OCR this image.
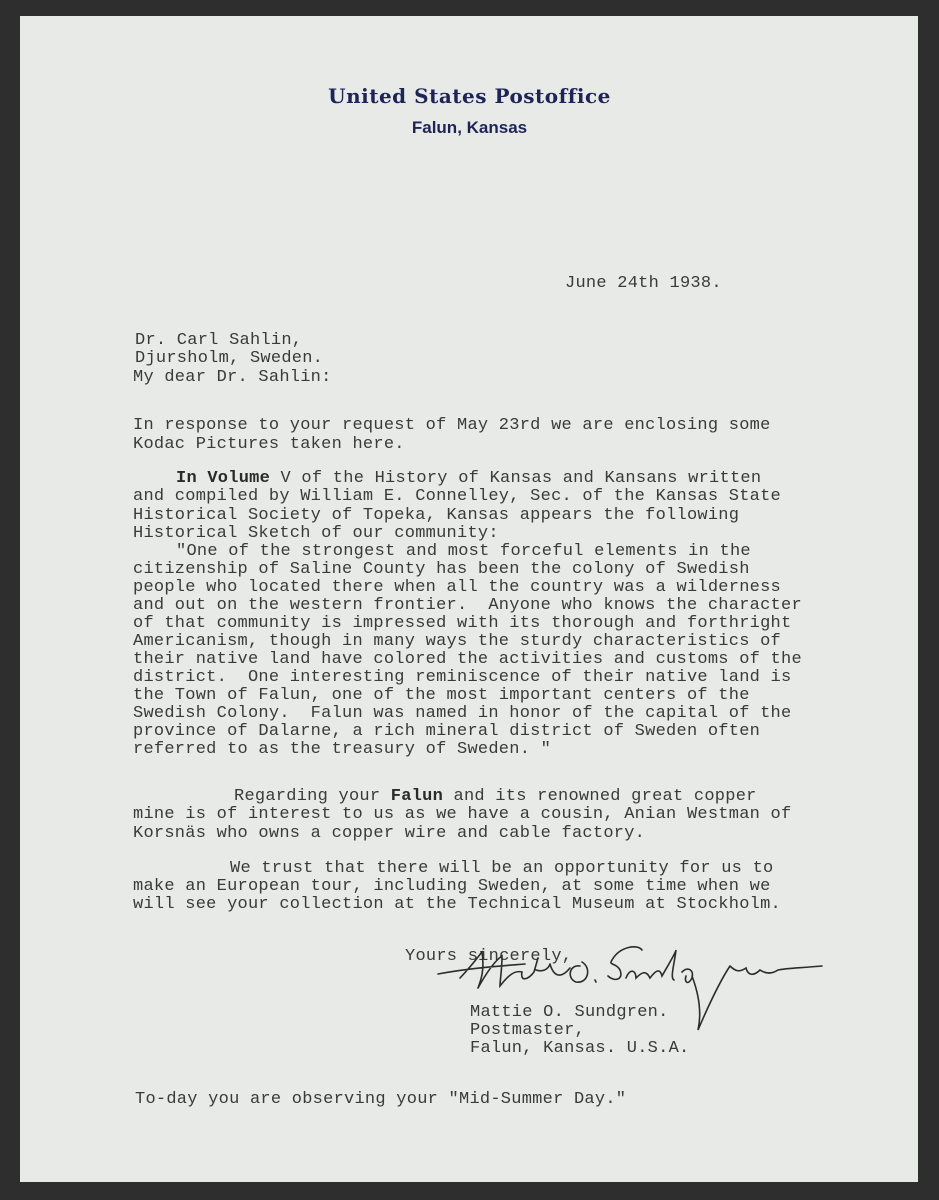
United States Postoffice
Falun, Kansas
June 24th 1938.
Dr. Carl Sahlin,
Djursholm, Sweden.
My dear Dr. Sahlin:
In response to your request of May 23rd we are enclosing some
Kodac Pictures taken here.
In Volume V of the History of Kansas and Kansans written
and compiled by William E. Connelley, Sec. of the Kansas State
Historical Society of Topeka, Kansas appears the following
Historical Sketch of our community:
"One of the strongest and most forceful elements in the
citizenship of Saline County has been the colony of Swedish
people who located there when all the country was a wilderness
and out on the western frontier.  Anyone who knows the character
of that community is impressed with its thorough and forthright
Americanism, though in many ways the sturdy characteristics of
their native land have colored the activities and customs of the
district.  One interesting reminiscence of their native land is
the Town of Falun, one of the most important centers of the
Swedish Colony.  Falun was named in honor of the capital of the
province of Dalarne, a rich mineral district of Sweden often
referred to as the treasury of Sweden. "
Regarding your Falun and its renowned great copper
mine is of interest to us as we have a cousin, Anian Westman of
Korsnäs who owns a copper wire and cable factory.
We trust that there will be an opportunity for us to
make an European tour, including Sweden, at some time when we
will see your collection at the Technical Museum at Stockholm.
Yours sincerely,
Mattie O. Sundgren.
Postmaster,
Falun, Kansas. U.S.A.
To-day you are observing your "Mid-Summer Day."
